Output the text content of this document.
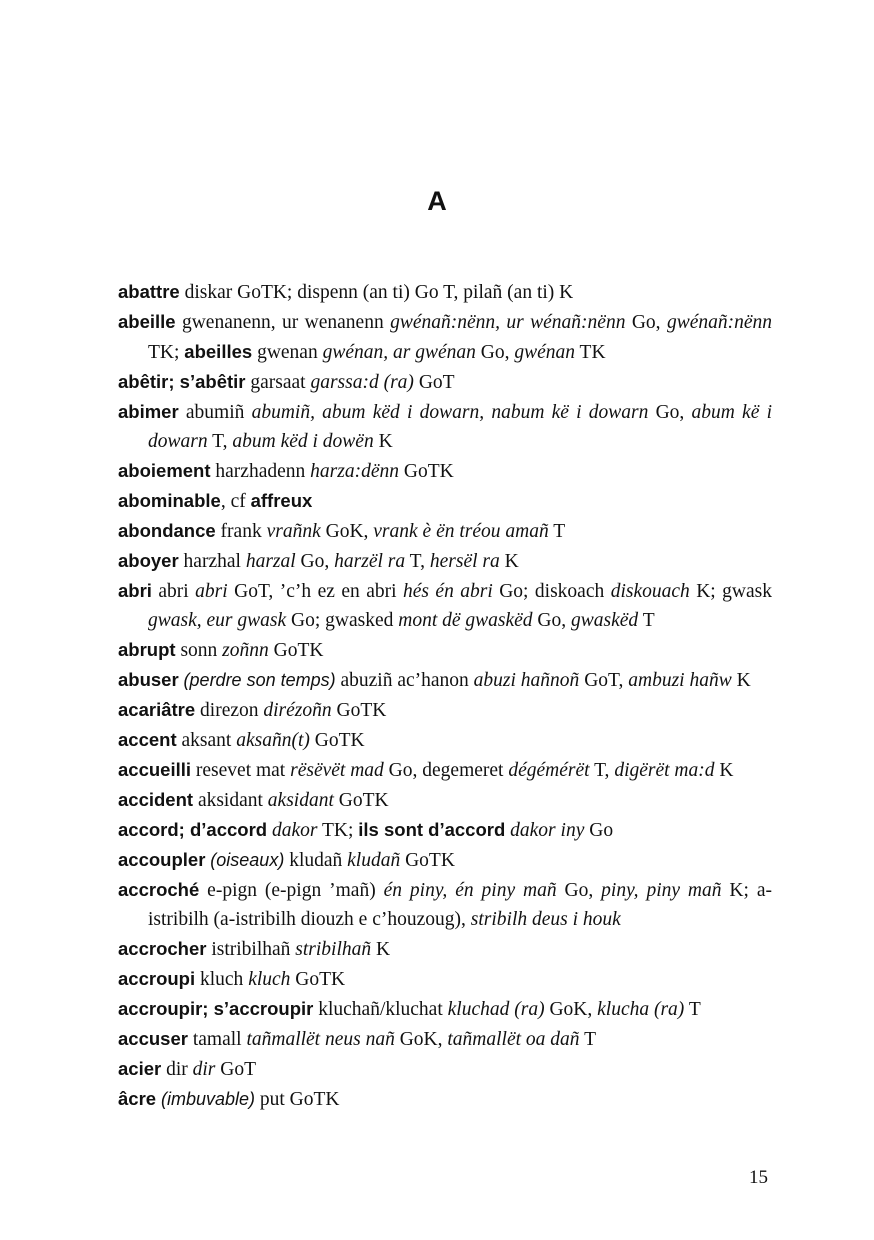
A

abattre diskar GoTK; dispenn (an ti) Go T, pilañ (an ti) K

abeille gwenanenn, ur wenanenn gwénañ:nënn, ur wénañ:nënn Go, gwénañ:nënn TK; abeilles gwenan gwénan, ar gwénan Go, gwénan TK

abêtir; s’abêtir garsaat garssa:d (ra) GoT

abimer abumiñ abumiñ, abum këd i dowarn, nabum kë i dowarn Go, abum kë i dowarn T, abum këd i dowën K

aboiement harzhadenn harza:dënn GoTK

abominable, cf affreux

abondance frank vrañnk GoK, vrank è ën tréou amañ T

aboyer harzhal harzal Go, harzël ra T, hersël ra K

abri abri abri GoT, ’c’h ez en abri hés én abri Go; diskoach diskouach K; gwask gwask, eur gwask Go; gwasked mont dë gwaskëd Go, gwaskëd T

abrupt sonn zoñnn GoTK

abuser (perdre son temps) abuziñ ac’hanon abuzi hañnoñ GoT, ambuzi hañw K

acariâtre direzon dirézoñn GoTK

accent aksant aksañn(t) GoTK

accueilli resevet mat rësëvët mad Go, degemeret dégémérët T, digërët ma:d K

accident aksidant aksidant GoTK

accord; d’accord dakor TK; ils sont d’accord dakor iny Go

accoupler (oiseaux) kludañ kludañ GoTK

accroché e-pign (e-pign ’mañ) én piny, én piny mañ Go, piny, piny mañ K; a-istribilh (a-istribilh diouzh e c’houzoug), stribilh deus i houk

accrocher istribilhañ stribilhañ K

accroupi kluch kluch GoTK

accroupir; s’accroupir kluchañ/kluchat kluchad (ra) GoK, klucha (ra) T

accuser tamall tañmallët neus nañ GoK, tañmallët oa dañ T

acier dir dir GoT

âcre (imbuvable) put GoTK

15
